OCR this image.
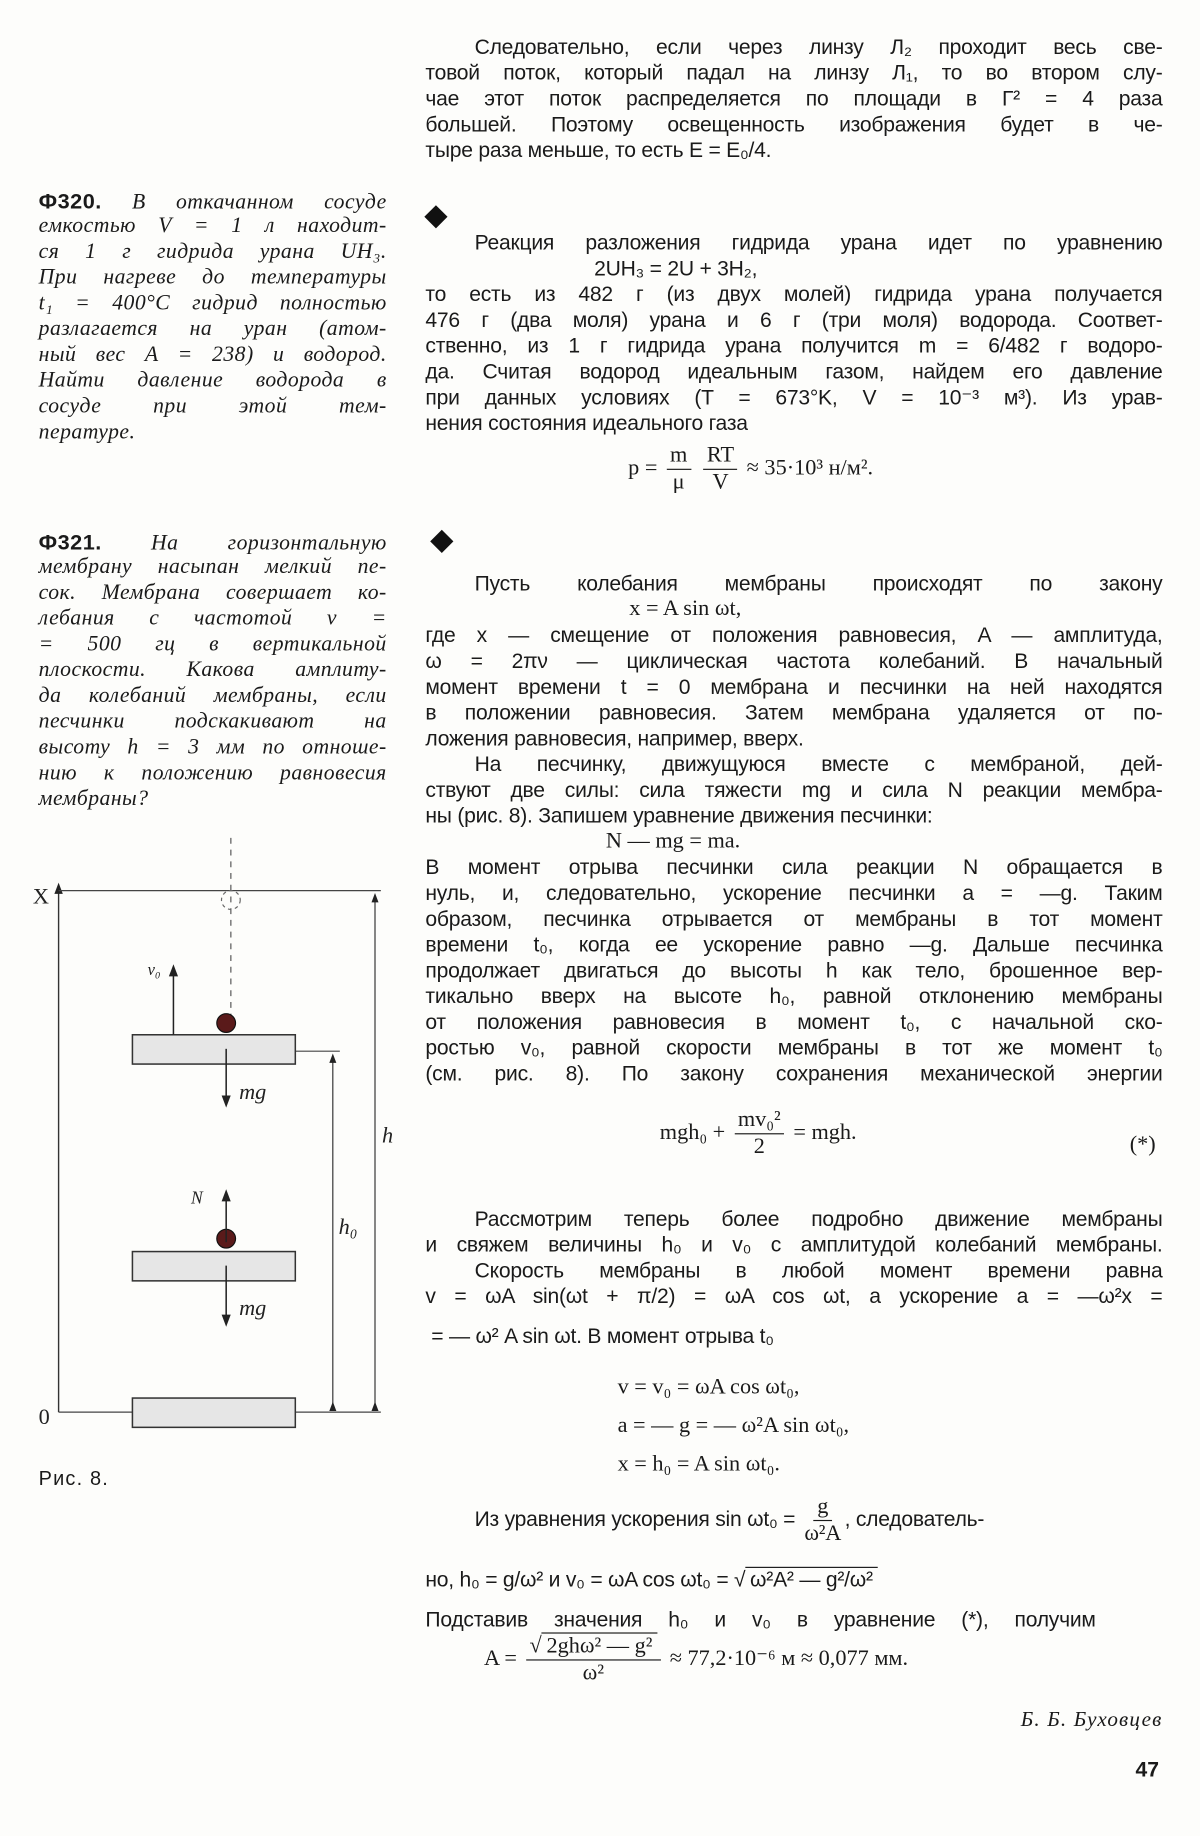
Следовательно, если через линзу Л₂ проходит весь све-
товой поток, который падал на линзу Л₁, то во втором слу-
чае этот поток распределяется по площади в Г² = 4 раза
большей. Поэтому освещенность изображения будет в че-
тыре раза меньше, то есть E = E₀/4.
Реакция разложения гидрида урана идет по уравнению
2UH₃ = 2U + 3H₂,
то есть из 482 г (из двух молей) гидрида урана получается
476 г (два моля) урана и 6 г (три моля) водорода. Соответ-
ственно, из 1 г гидрида урана получится m = 6/482 г водоро-
да. Считая водород идеальным газом, найдем его давление
при данных условиях (T = 673°K, V = 10⁻³ м³). Из урав-
нения состояния идеального газа
$p = \frac{m}{\mu}$
$\frac{RT}{V} \approx 35\cdot 10^3$ н/м².
Пусть колебания мембраны происходят по закону
x = A sin ωt,
где x — смещение от положения равновесия, A — амплитуда,
ω = 2πν — циклическая частота колебаний. В начальный
момент времени t = 0 мембрана и песчинки на ней находятся
в положении равновесия. Затем мембрана удаляется от по-
ложения равновесия, например, вверх.
На песчинку, движущуюся вместе с мембраной, дей-
ствуют две силы: сила тяжести mg и сила N реакции мембра-
ны (рис. 8). Запишем уравнение движения песчинки:
N — mg = ma.
В момент отрыва песчинки сила реакции N обращается в
нуль, и, следовательно, ускорение песчинки a = —g. Таким
образом, песчинка отрывается от мембраны в тот момент
времени t₀, когда ее ускорение равно —g. Дальше песчинка
продолжает двигаться до высоты h как тело, брошенное вер-
тикально вверх на высоте h₀, равной отклонению мембраны
от положения равновесия в момент t₀, с начальной ско-
ростью v₀, равной скорости мембраны в тот же момент t₀
(см. рис. 8). По закону сохранения механической энергии
$mgh_0 + \frac{\text{mv₀²}}{2}$ = mgh.	(*)
Рассмотрим теперь более подробно движение мембраны
и свяжем величины h₀ и v₀ с амплитудой колебаний мембраны.
Скорость мембраны в любой момент времени равна
v = ωA sin(ωt + π/2) = ωA cos ωt, а ускорение a = —ω²x =
= — ω² A sin ωt. В момент отрыва t₀
v = v₀ = ωA cos ωt₀,
a = — g = — ω²A sin ωt₀,
x = h₀ = A sin ωt₀.
Из уравнения ускорения $\sin \omega t_0 = \frac{g}{\text{ω²A}}$ , следователь-
но, h₀ = g/ω² и v₀ = ωA cos ωt₀ = √ ω²A² — g²/ω²
Подставив значения h₀ и v₀ в уравнение (*), получим
$A = \frac{\text{√ 2ghω² — g²}}{\text{ω²}} \approx 77,2\cdot 10^{-6}$ м ≈ 0,077 мм.
Б. Б. Буховцев
47
Ф320. В откачанном сосуде
емкостью V = 1 л находит-
ся 1 г гидрида урана UH₃.
При нагреве до температуры
t₁ = 400°C гидрид полностью
разлагается на уран (атом-
ный вес A = 238) и водород.
Найти давление водорода в
сосуде при этой тем-
пературе.
Ф321. На горизонтальную
мембрану насыпан мелкий пе-
сок. Мембрана совершает ко-
лебания с частотой ν =
= 500 гц в вертикальной
плоскости. Какова амплиту-
да колебаний мембраны, если
песчинки подскакивают на
высоту h = 3 мм по отноше-
нию к положению равновесия
мембраны?
X
0
v₀
mg
N
mg
h
h₀
Рис. 8.
